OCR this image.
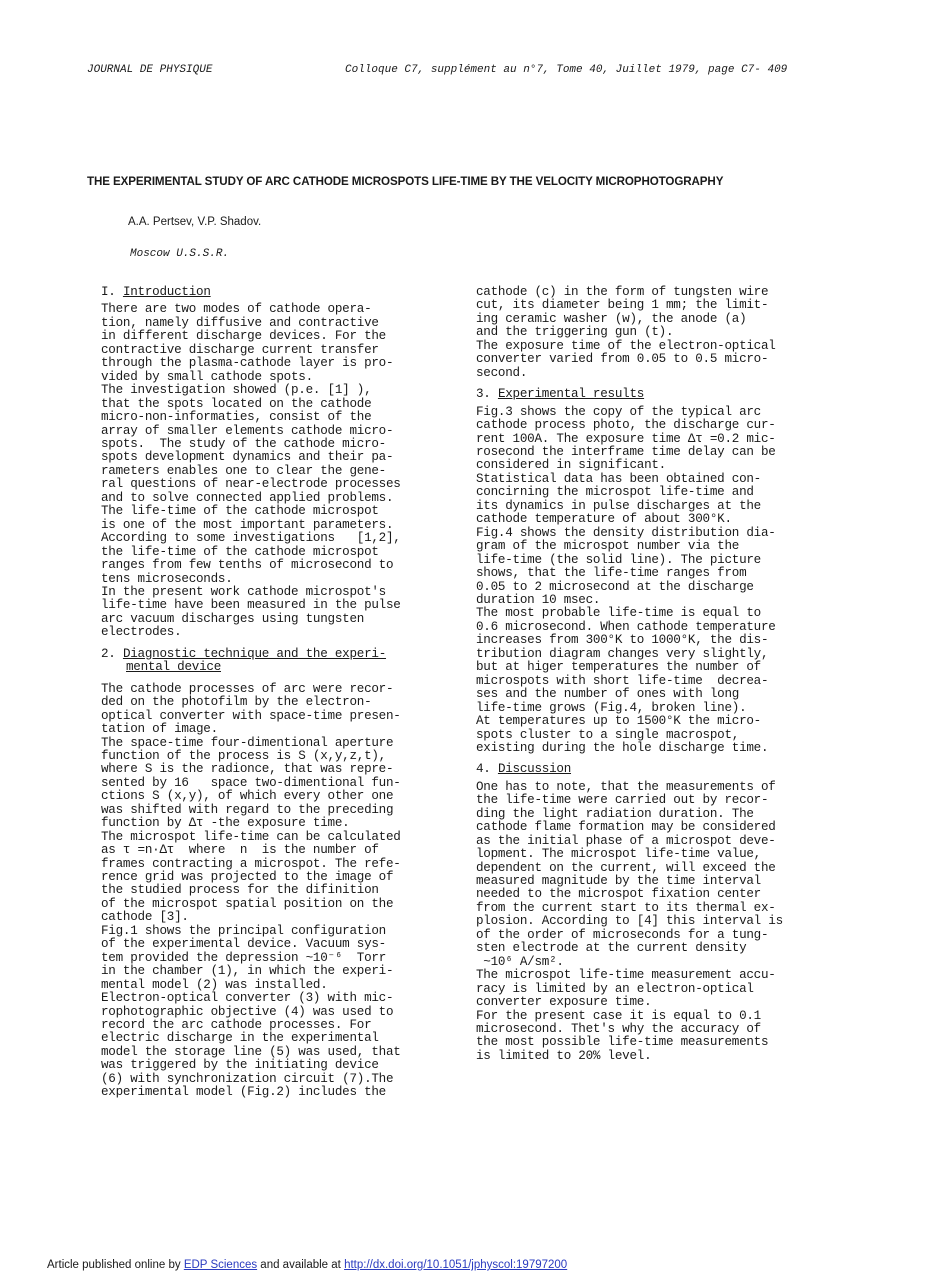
JOURNAL DE PHYSIQUE	Colloque C7, supplément au n°7, Tome 40, Juillet 1979, page C7- 409
THE EXPERIMENTAL STUDY OF ARC CATHODE MICROSPOTS LIFE-TIME BY THE VELOCITY MICROPHOTOGRAPHY
A.A. Pertsev, V.P. Shadov.
Moscow U.S.S.R.
I. Introduction
There are two modes of cathode opera-
tion, namely diffusive and contractive
in different discharge devices. For the
contractive discharge current transfer
through the plasma-cathode layer is pro-
vided by small cathode spots.
The investigation showed (p.e. [1] ),
that the spots located on the cathode
micro-non-informaties, consist of the
array of smaller elements cathode micro-
spots.  The study of the cathode micro-
spots development dynamics and their pa-
rameters enables one to clear the gene-
ral questions of near-electrode processes
and to solve connected applied problems.
The life-time of the cathode microspot
is one of the most important parameters.
According to some investigations   [1,2],
the life-time of the cathode microspot
ranges from few tenths of microsecond to
tens microseconds.
In the present work cathode microspot's
life-time have been measured in the pulse
arc vacuum discharges using tungsten
electrodes.
2. Diagnostic technique and the experi-
mental device
The cathode processes of arc were recor-
ded on the photofilm by the electron-
optical converter with space-time presen-
tation of image.
The space-time four-dimentional aperture
function of the process is S (x,y,z,t),
where S is the radionce, that was repre-
sented by 16   space two-dimentional fun-
ctions S (x,y), of which every other one
was shifted with regard to the preceding
function by Δτ -the exposure time.
The microspot life-time can be calculated
as τ =n·Δτ  where  n  is the number of
frames contracting a microspot. The refe-
rence grid was projected to the image of
the studied process for the difinition
of the microspot spatial position on the
cathode [3].
Fig.1 shows the principal configuration
of the experimental device. Vacuum sys-
tem provided the depression ~10⁻⁶  Torr
in the chamber (1), in which the experi-
mental model (2) was installed.
Electron-optical converter (3) with mic-
rophotographic objective (4) was used to
record the arc cathode processes. For
electric discharge in the experimental
model the storage line (5) was used, that
was triggered by the initiating device
(6) with synchronization circuit (7).The
experimental model (Fig.2) includes the
cathode (c) in the form of tungsten wire
cut, its diameter being 1 mm; the limit-
ing ceramic washer (w), the anode (a)
and the triggering gun (t).
The exposure time of the electron-optical
converter varied from 0.05 to 0.5 micro-
second.
3. Experimental results
Fig.3 shows the copy of the typical arc
cathode process photo, the discharge cur-
rent 100A. The exposure time Δτ =0.2 mic-
rosecond the interframe time delay can be
considered in significant.
Statistical data has been obtained con-
concirning the microspot life-time and
its dynamics in pulse discharges at the
cathode temperature of about 300°K.
Fig.4 shows the density distribution dia-
gram of the microspot number via the
life-time (the solid line). The picture
shows, that the life-time ranges from
0.05 to 2 microsecond at the discharge
duration 10 msec.
The most probable life-time is equal to
0.6 microsecond. When cathode temperature
increases from 300°K to 1000°K, the dis-
tribution diagram changes very slightly,
but at higer temperatures the number of
microspots with short life-time  decrea-
ses and the number of ones with long
life-time grows (Fig.4, broken line).
At temperatures up to 1500°K the micro-
spots cluster to a single macrospot,
existing during the hole discharge time.
4. Discussion
One has to note, that the measurements of
the life-time were carried out by recor-
ding the light radiation duration. The
cathode flame formation may be considered
as the initial phase of a microspot deve-
lopment. The microspot life-time value,
dependent on the current, will exceed the
measured magnitude by the time interval
needed to the microspot fixation center
from the current start to its thermal ex-
plosion. According to [4] this interval is
of the order of microseconds for a tung-
sten electrode at the current density
~10⁶ A/sm².
The microspot life-time measurement accu-
racy is limited by an electron-optical
converter exposure time.
For the present case it is equal to 0.1
microsecond. Thet's why the accuracy of
the most possible life-time measurements
is limited to 20% level.
Article published online by EDP Sciences and available at http://dx.doi.org/10.1051/jphyscol:19797200
